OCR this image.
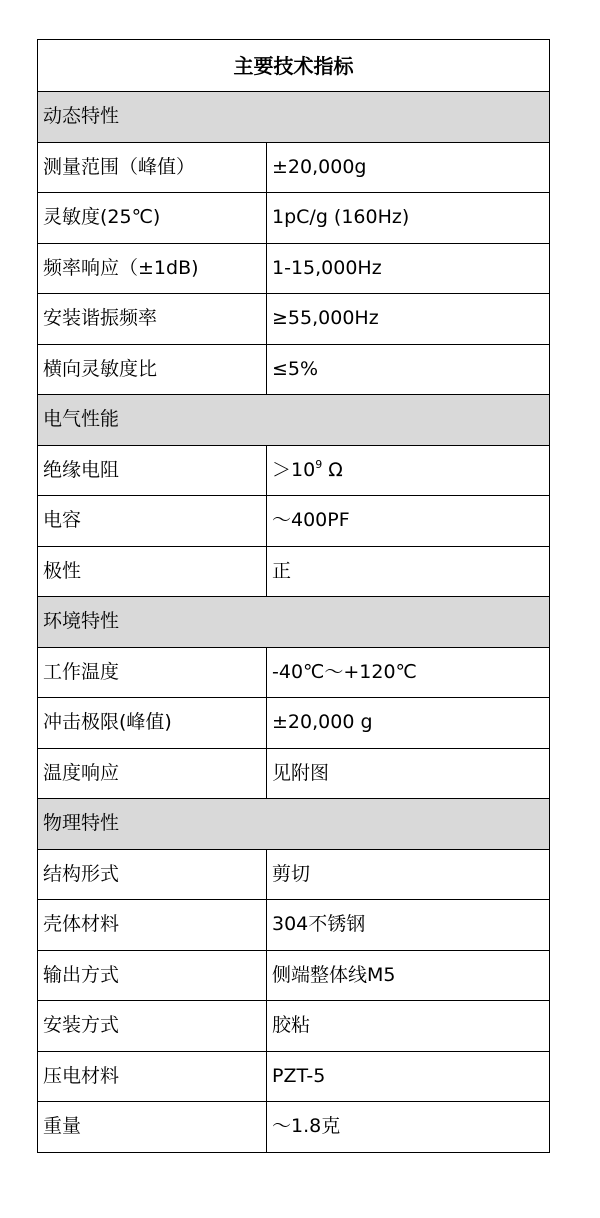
主要技术指标	
动态特性	
测量范围（峰值）	±20,000g
灵敏度(25℃)	1pC/g (160Hz)
频率响应（±1dB)	1-15,000Hz
安装谐振频率	≥55,000Hz
横向灵敏度比	≤5%
电气性能	
绝缘电阻	$>10^9$ Ω
电容	～400PF
极性	正
环境特性	
工作温度	-40℃～+120℃
冲击极限(峰值)	±20,000 g
温度响应	见附图
物理特性	
结构形式	剪切
壳体材料	304不锈钢
输出方式	侧端整体线M5
安装方式	胶粘
压电材料	PZT-5
重量	～1.8克
